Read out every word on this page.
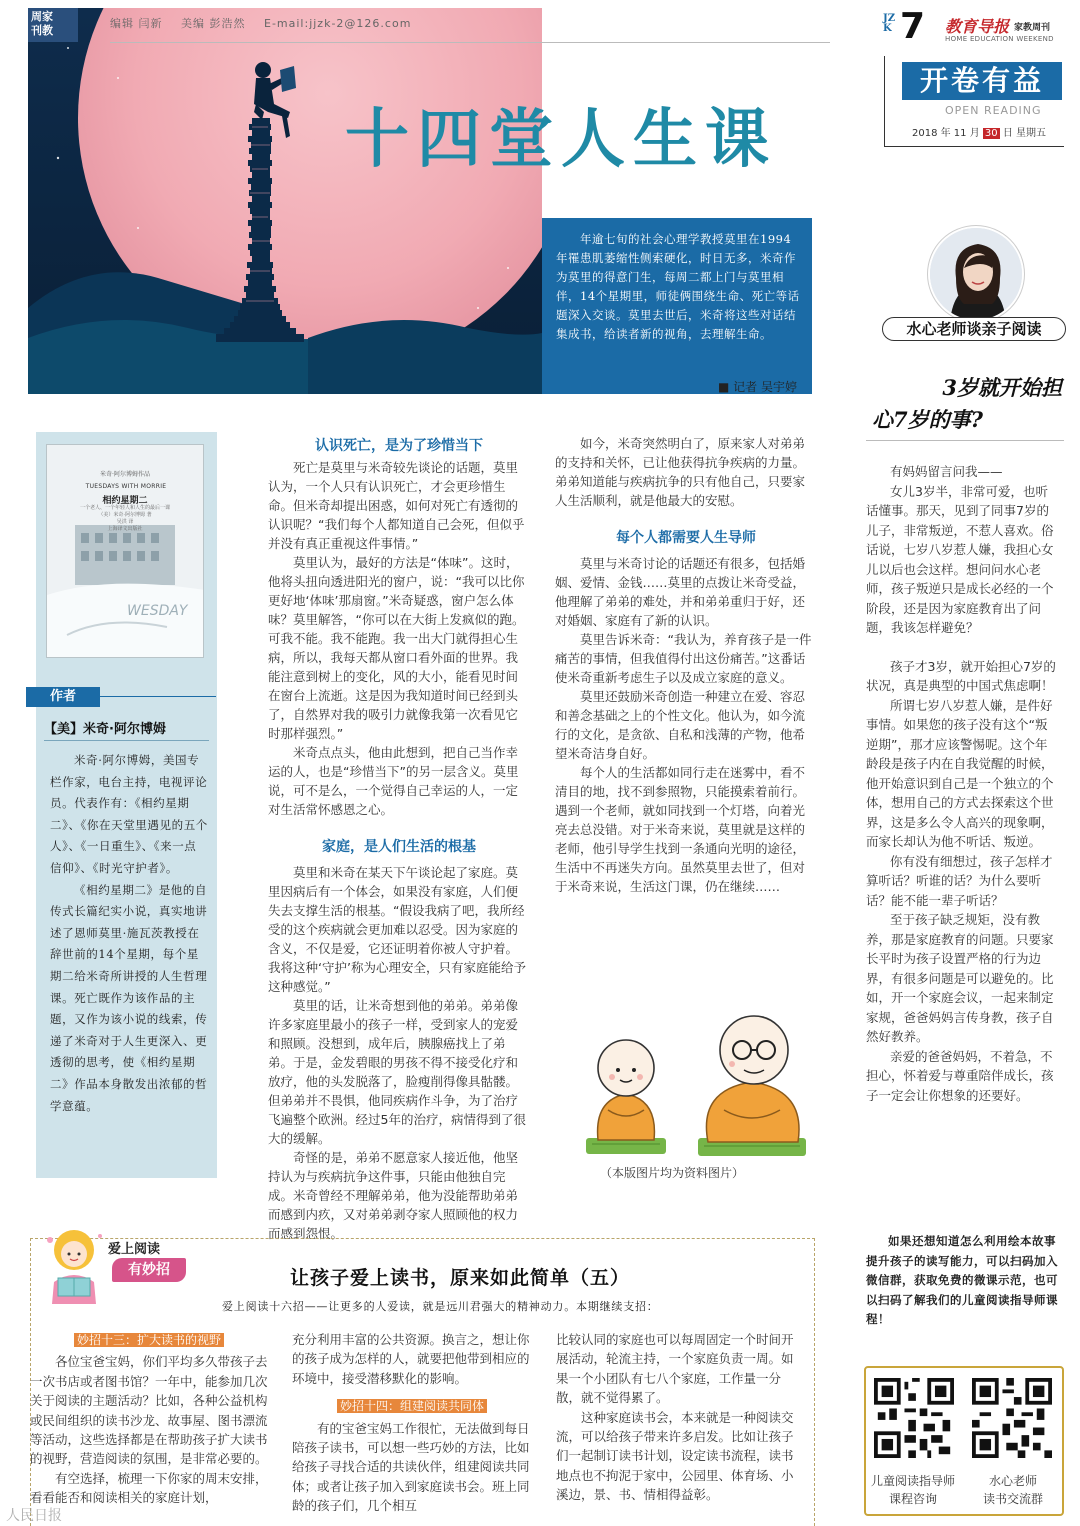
十四堂人生课
年逾七旬的社会心理学教授莫里在1994年罹患肌萎缩性侧索硬化，时日无多，米奇作为莫里的得意门生，每周二都上门与莫里相伴，14个星期里，师徒俩围绕生命、死亡等话题深入交谈。莫里去世后，米奇将这些对话结集成书，给读者新的视角，去理解生命。
■ 记者 吴宇婷
周家
刊教
编辑 闫新 美编 彭浩然 E-mail:jjzk-2@126.com	JZK 7 教育导报
HOME EDUCATION WEEKEND
家教周刊
开卷有益
OPEN READING
2018 年 11 月 30 日 星期五
水心老师谈亲子阅读
3岁就开始担
心7岁的事?

有妈妈留言问我——

女儿3岁半，非常可爱，也听话懂事。那天，见到了同事7岁的儿子，非常叛逆，不惹人喜欢。俗话说，七岁八岁惹人嫌，我担心女儿以后也会这样。想问问水心老师，孩子叛逆只是成长必经的一个阶段，还是因为家庭教育出了问题，我该怎样避免？

孩子才3岁，就开始担心7岁的状况，真是典型的中国式焦虑啊！

所谓七岁八岁惹人嫌，是件好事情。如果您的孩子没有这个“叛逆期”，那才应该警惕呢。这个年龄段是孩子内在自我觉醒的时候，他开始意识到自己是一个独立的个体，想用自己的方式去探索这个世界，这是多么令人高兴的现象啊，而家长却认为他不听话、叛逆。

你有没有细想过，孩子怎样才算听话？听谁的话？为什么要听话？能不能一辈子听话？

至于孩子缺乏规矩，没有教养，那是家庭教育的问题。只要家长平时为孩子设置严格的行为边界，有很多问题是可以避免的。比如，开一个家庭会议，一起来制定家规，爸爸妈妈言传身教，孩子自然好教养。

亲爱的爸爸妈妈，不着急，不担心，怀着爱与尊重陪伴成长，孩子一定会让你想象的还要好。

如果还想知道怎么利用绘本故事提升孩子的读写能力，可以扫码加入微信群，获取免费的微课示范，也可以扫码了解我们的儿童阅读指导师课程！
儿童阅读指导师
课程咨询
水心老师
读书交流群
WESDAY
米奇·阿尔博姆作品
TUESDAYS WITH MORRIE
相约星期二
一个老人、一个年轻人和人生的最后一课
（美）米奇·阿尔博姆 著
吴洪 译
上海译文出版社
作者
【美】米奇·阿尔博姆

米奇·阿尔博姆，美国专栏作家，电台主持，电视评论员。代表作有：《相约星期二》、《你在天堂里遇见的五个人》、《一日重生》、《来一点信仰》、《时光守护者》。

《相约星期二》是他的自传式长篇纪实小说，真实地讲述了恩师莫里·施瓦茨教授在辞世前的14个星期，每个星期二给米奇所讲授的人生哲理课。死亡既作为该作品的主题，又作为该小说的线索，传递了米奇对于人生更深入、更透彻的思考，使《相约星期二》作品本身散发出浓郁的哲学意蕴。

认识死亡，是为了珍惜当下

死亡是莫里与米奇较先谈论的话题，莫里认为，一个人只有认识死亡，才会更珍惜生命。但米奇却提出困惑，如何对死亡有透彻的认识呢？“我们每个人都知道自己会死，但似乎并没有真正重视这件事情。”

莫里认为，最好的方法是“体味”。这时，他将头扭向透进阳光的窗户，说：“我可以比你更好地‘体味’那扇窗。”米奇疑惑，窗户怎么体味？莫里解答，“你可以在大街上发疯似的跑。可我不能。我不能跑。我一出大门就得担心生病，所以，我每天都从窗口看外面的世界。我能注意到树上的变化，风的大小，能看见时间在窗台上流逝。这是因为我知道时间已经到头了，自然界对我的吸引力就像我第一次看见它时那样强烈。”

米奇点点头，他由此想到，把自己当作幸运的人，也是“珍惜当下”的另一层含义。莫里说，可不是么，一个觉得自己幸运的人，一定对生活常怀感恩之心。

家庭，是人们生活的根基

莫里和米奇在某天下午谈论起了家庭。莫里因病后有一个体会，如果没有家庭，人们便失去支撑生活的根基。“假设我病了吧，我所经受的这个疾病就会更加难以忍受。因为家庭的含义，不仅是爱，它还证明着你被人守护着。我将这种‘守护’称为心理安全，只有家庭能给予这种感觉。”

莫里的话，让米奇想到他的弟弟。弟弟像许多家庭里最小的孩子一样，受到家人的宠爱和照顾。没想到，成年后，胰腺癌找上了弟弟。于是，金发碧眼的男孩不得不接受化疗和放疗，他的头发脱落了，脸瘦削得像具骷髅。但弟弟并不畏惧，他同疾病作斗争，为了治疗飞遍整个欧洲。经过5年的治疗，病情得到了很大的缓解。

奇怪的是，弟弟不愿意家人接近他，他坚持认为与疾病抗争这件事，只能由他独自完成。米奇曾经不理解弟弟，他为没能帮助弟弟而感到内疚，又对弟弟剥夺家人照顾他的权力而感到怨恨。

如今，米奇突然明白了，原来家人对弟弟的支持和关怀，已让他获得抗争疾病的力量。弟弟知道能与疾病抗争的只有他自己，只要家人生活顺利，就是他最大的安慰。

每个人都需要人生导师

莫里与米奇讨论的话题还有很多，包括婚姻、爱情、金钱……莫里的点拨让米奇受益，他理解了弟弟的难处，并和弟弟重归于好，还对婚姻、家庭有了新的认识。

莫里告诉米奇：“我认为，养育孩子是一件痛苦的事情，但我值得付出这份痛苦。”这番话使米奇重新考虑生子以及成立家庭的意义。

莫里还鼓励米奇创造一种建立在爱、容忍和善念基础之上的个性文化。他认为，如今流行的文化，是贪欲、自私和浅薄的产物，他希望米奇洁身自好。

每个人的生活都如同行走在迷雾中，看不清目的地，找不到参照物，只能摸索着前行。遇到一个老师，就如同找到一个灯塔，向着光亮去总没错。对于米奇来说，莫里就是这样的老师，他引导学生找到一条通向光明的途径，生活中不再迷失方向。虽然莫里去世了，但对于米奇来说，生活这门课，仍在继续……

（本版图片均为资料图片）
爱上阅读
有妙招	让孩子爱上读书，原来如此简单（五）
爱上阅读十六招——让更多的人爱读，就是远川君强大的精神动力。本期继续支招：
妙招十三：扩大读书的视野

各位宝爸宝妈，你们平均多久带孩子去一次书店或者图书馆？一年中，能参加几次关于阅读的主题活动？比如，各种公益机构或民间组织的读书沙龙、故事屋、图书漂流等活动，这些选择都是在帮助孩子扩大读书的视野，营造阅读的氛围，是非常必要的。

有空选择，梳理一下你家的周末安排，看看能否和阅读相关的家庭计划，

充分利用丰富的公共资源。换言之，想让你的孩子成为怎样的人，就要把他带到相应的环境中，接受潜移默化的影响。

妙招十四：组建阅读共同体

有的宝爸宝妈工作很忙，无法做到每日陪孩子读书，可以想一些巧妙的方法，比如给孩子寻找合适的共读伙伴，组建阅读共同体；或者让孩子加入到家庭读书会。班上同龄的孩子们，几个相互

比较认同的家庭也可以每周固定一个时间开展活动，轮流主持，一个家庭负责一周。如果一个小团队有七八个家庭，工作量一分散，就不觉得累了。

这种家庭读书会，本来就是一种阅读交流，可以给孩子带来许多启发。比如让孩子们一起制订读书计划，设定读书流程，读书地点也不拘泥于家中，公园里、体育场、小溪边，景、书、情相得益彰。

人民日报
